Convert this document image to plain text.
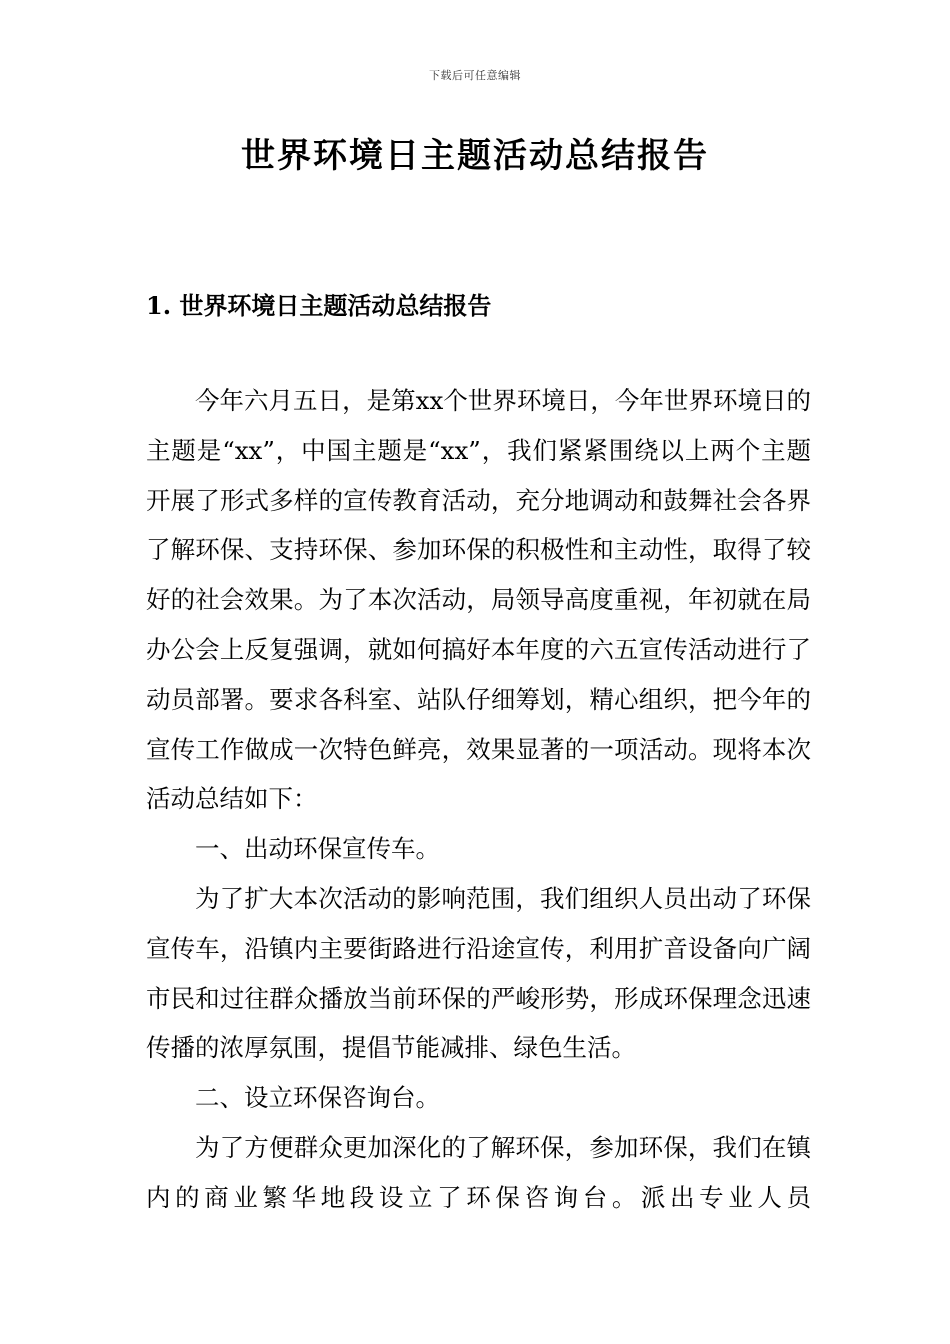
下载后可任意编辑
世界环境日主题活动总结报告
1. 世界环境日主题活动总结报告

今年六月五日，是第xx个世界环境日，今年世界环境日的主题是“xx”，中国主题是“xx”，我们紧紧围绕以上两个主题开展了形式多样的宣传教育活动，充分地调动和鼓舞社会各界了解环保、支持环保、参加环保的积极性和主动性，取得了较好的社会效果。为了本次活动，局领导高度重视，年初就在局办公会上反复强调，就如何搞好本年度的六五宣传活动进行了动员部署。要求各科室、站队仔细筹划，精心组织，把今年的宣传工作做成一次特色鲜亮，效果显著的一项活动。现将本次活动总结如下：

一、出动环保宣传车。

为了扩大本次活动的影响范围，我们组织人员出动了环保宣传车，沿镇内主要街路进行沿途宣传，利用扩音设备向广阔市民和过往群众播放当前环保的严峻形势，形成环保理念迅速传播的浓厚氛围，提倡节能减排、绿色生活。

二、设立环保咨询台。

为了方便群众更加深化的了解环保，参加环保，我们在镇内的商业繁华地段设立了环保咨询台。派出专业人员
